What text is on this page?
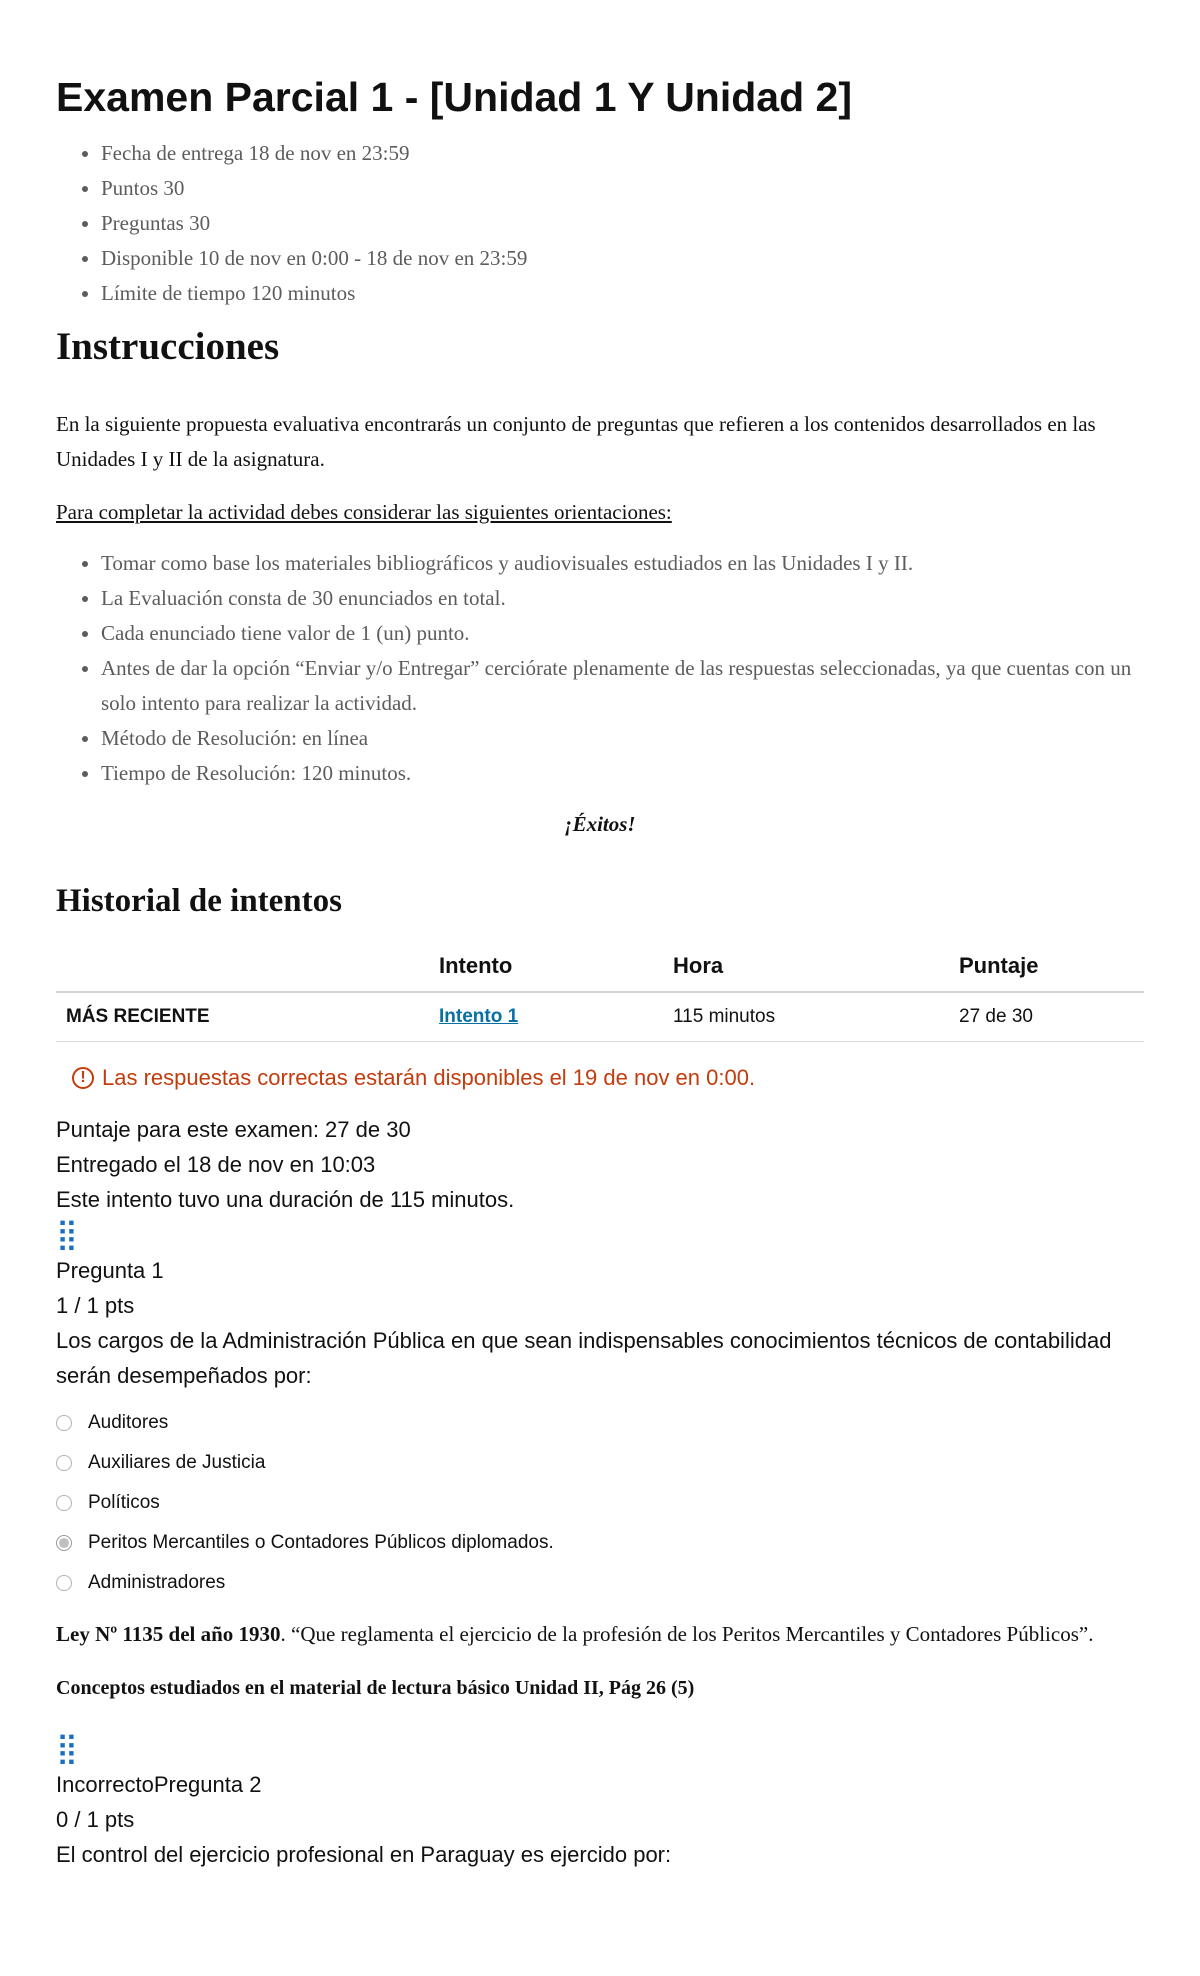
Examen Parcial 1 - [Unidad 1 Y Unidad 2]
• Fecha de entrega 18 de nov en 23:59
• Puntos 30
• Preguntas 30
• Disponible 10 de nov en 0:00 - 18 de nov en 23:59
• Límite de tiempo 120 minutos
Instrucciones

En la siguiente propuesta evaluativa encontrarás un conjunto de preguntas que refieren a los contenidos desarrollados en las Unidades I y II de la asignatura.

Para completar la actividad debes considerar las siguientes orientaciones:

• Tomar como base los materiales bibliográficos y audiovisuales estudiados en las Unidades I y II.
• La Evaluación consta de 30 enunciados en total.
• Cada enunciado tiene valor de 1 (un) punto.
• Antes de dar la opción “Enviar y/o Entregar” cerciórate plenamente de las respuestas seleccionadas, ya que cuentas con un solo intento para realizar la actividad.
• Método de Resolución: en línea
• Tiempo de Resolución: 120 minutos.
¡Éxitos!
Historial de intentos
	Intento	Hora	Puntaje
MÁS RECIENTE	Intento 1	115 minutos	27 de 30
! Las respuestas correctas estarán disponibles el 19 de nov en 0:00.

Puntaje para este examen: 27 de 30

Entregado el 18 de nov en 10:03

Este intento tuvo una duración de 115 minutos.

⣿

Pregunta 1

1 / 1 pts

Los cargos de la Administración Pública en que sean indispensables conocimientos técnicos de contabilidad serán desempeñados por:

Auditores
Auxiliares de Justicia
Políticos
Peritos Mercantiles o Contadores Públicos diplomados.
Administradores

Ley Nº 1135 del año 1930. “Que reglamenta el ejercicio de la profesión de los Peritos Mercantiles y Contadores Públicos”.

Conceptos estudiados en el material de lectura básico Unidad II, Pág 26 (5)

⣿

IncorrectoPregunta 2

0 / 1 pts

El control del ejercicio profesional en Paraguay es ejercido por:
